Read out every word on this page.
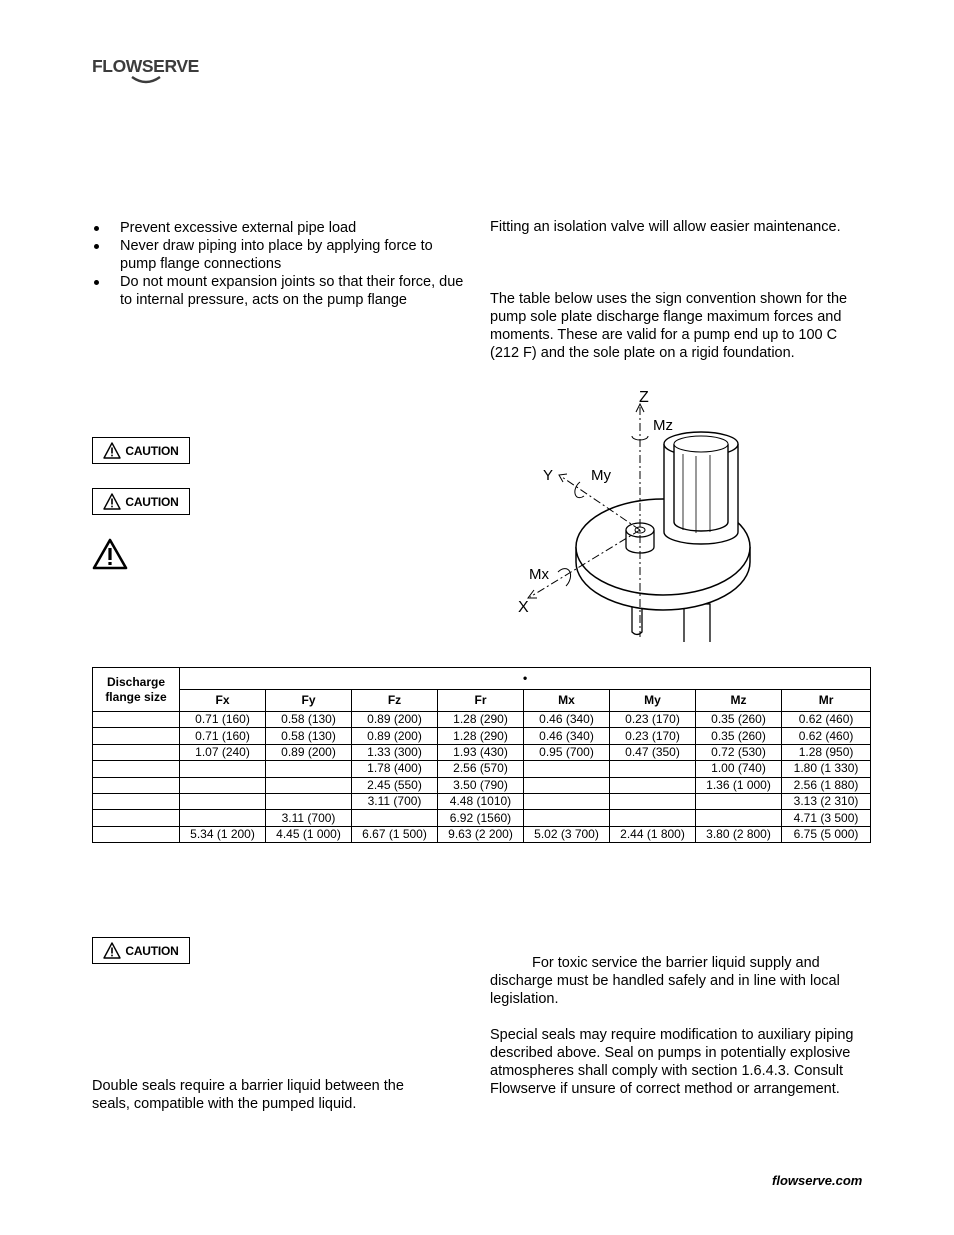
FLOWSERVE
Prevent excessive external pipe load
Never draw piping into place by applying force to pump flange connections
Do not mount expansion joints so that their force, due to internal pressure, acts on the pump flange
Fitting an isolation valve will allow easier maintenance.
The table below uses the sign convention shown for the pump sole plate discharge flange maximum forces and moments. These are valid for a pump end up to 100 C (212 F) and the sole plate on a rigid foundation.
CAUTION
CAUTION
Z
Mz
Y	My
Mx
X
Discharge flange size	•							
	Fx	Fy	Fz	Fr	Mx	My	Mz	Mr
	0.71 (160)	0.58 (130)	0.89 (200)	1.28 (290)	0.46 (340)	0.23 (170)	0.35 (260)	0.62 (460)
	0.71 (160)	0.58 (130)	0.89 (200)	1.28 (290)	0.46 (340)	0.23 (170)	0.35 (260)	0.62 (460)
	1.07 (240)	0.89 (200)	1.33 (300)	1.93 (430)	0.95 (700)	0.47 (350)	0.72 (530)	1.28 (950)
			1.78 (400)	2.56 (570)			1.00 (740)	1.80 (1 330)
			2.45 (550)	3.50 (790)			1.36 (1 000)	2.56 (1 880)
			3.11 (700)	4.48 (1010)				3.13 (2 310)
		3.11 (700)		6.92 (1560)				4.71 (3 500)
	5.34 (1 200)	4.45 (1 000)	6.67 (1 500)	9.63 (2 200)	5.02 (3 700)	2.44 (1 800)	3.80 (2 800)	6.75 (5 000)
CAUTION
Double seals require a barrier liquid between the seals, compatible with the pumped liquid.
For toxic service the barrier liquid supply and discharge must be handled safely and in line with local legislation.
Special seals may require modification to auxiliary piping described above. Seal on pumps in potentially explosive atmospheres shall comply with section 1.6.4.3. Consult Flowserve if unsure of correct method or arrangement.
flowserve.com
